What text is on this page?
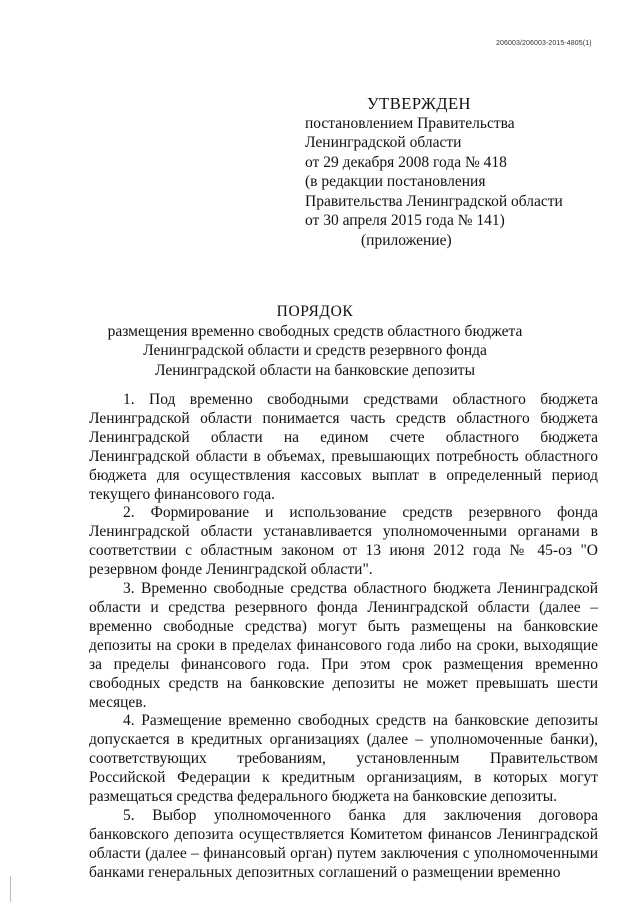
206003/206003-2015-4805(1)
УТВЕРЖДЕН
постановлением Правительства
Ленинградской области
от 29 декабря 2008 года № 418
(в редакции постановления
Правительства Ленинградской области
от 30 апреля 2015 года № 141)
(приложение)
ПОРЯДОК
размещения временно свободных средств областного бюджета
Ленинградской области и средств резервного фонда
Ленинградской области на банковские депозиты

1. Под временно свободными средствами областного бюджета Ленинградской области понимается часть средств областного бюджета Ленинградской области на едином счете областного бюджета Ленинградской области в объемах, превышающих потребность областного бюджета для осуществления кассовых выплат в определенный период текущего финансового года.

2. Формирование и использование средств резервного фонда Ленинградской области устанавливается уполномоченными органами в соответствии с областным законом от 13 июня 2012 года № 45-оз "О резервном фонде Ленинградской области".

3. Временно свободные средства областного бюджета Ленинградской области и средства резервного фонда Ленинградской области (далее – временно свободные средства) могут быть размещены на банковские депозиты на сроки в пределах финансового года либо на сроки, выходящие за пределы финансового года. При этом срок размещения временно свободных средств на банковские депозиты не может превышать шести месяцев.

4. Размещение временно свободных средств на банковские депозиты допускается в кредитных организациях (далее – уполномоченные банки), соответствующих требованиям, установленным Правительством Российской Федерации к кредитным организациям, в которых могут размещаться средства федерального бюджета на банковские депозиты.

5. Выбор уполномоченного банка для заключения договора банковского депозита осуществляется Комитетом финансов Ленинградской области (далее – финансовый орган) путем заключения с уполномоченными банками генеральных депозитных соглашений о размещении временно
